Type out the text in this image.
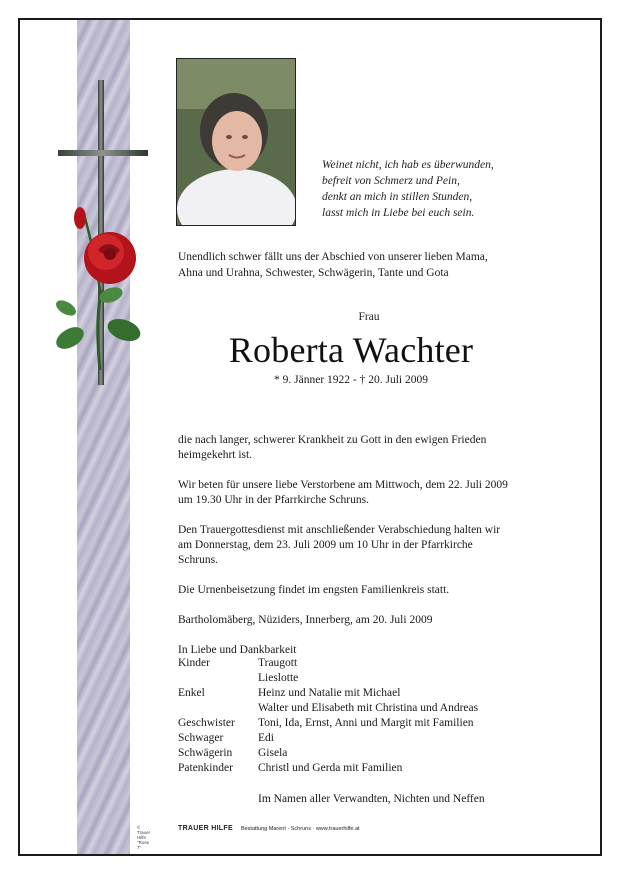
© Trauer Hilfe "Rose 7"
Weinet nicht, ich hab es überwunden,
befreit von Schmerz und Pein,
denkt an mich in stillen Stunden,
lasst mich in Liebe bei euch sein.
Unendlich schwer fällt uns der Abschied von unserer lieben Mama,
Ahna und Urahna, Schwester, Schwägerin, Tante und Gota
Frau
Roberta Wachter
* 9. Jänner 1922 - † 20. Juli 2009

die nach langer, schwerer Krankheit zu Gott in den ewigen Frieden
heimgekehrt ist.

Wir beten für unsere liebe Verstorbene am Mittwoch, dem 22. Juli 2009
um 19.30 Uhr in der Pfarrkirche Schruns.

Den Trauergottesdienst mit anschließender Verabschiedung halten wir
am Donnerstag, dem 23. Juli 2009 um 10 Uhr in der Pfarrkirche
Schruns.

Die Urnenbeisetzung findet im engsten Familienkreis statt.

Bartholomäberg, Nüziders, Innerberg, am 20. Juli 2009

In Liebe und Dankbarkeit

Kinder	Traugott
Lieslotte
Enkel	Heinz und Natalie mit Michael
Walter und Elisabeth mit Christina und Andreas
Geschwister	Toni, Ida, Ernst, Anni und Margit mit Familien
Schwager	Edi
Schwägerin	Gisela
Patenkinder	Christl und Gerda mit Familien
Im Namen aller Verwandten, Nichten und Neffen
TRAUER HILFE Bestattung Marent · Schruns · www.trauerhilfe.at
